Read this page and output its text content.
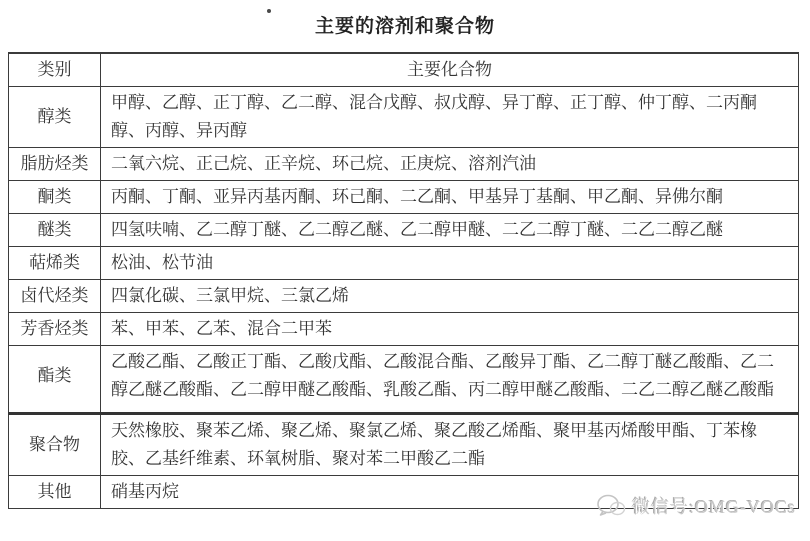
主要的溶剂和聚合物
类别	主要化合物
醇类	甲醇、乙醇、正丁醇、乙二醇、混合戊醇、叔戊醇、异丁醇、正丁醇、仲丁醇、二丙酮醇、丙醇、异丙醇
脂肪烃类	二氧六烷、正己烷、正辛烷、环己烷、正庚烷、溶剂汽油
酮类	丙酮、丁酮、亚异丙基丙酮、环己酮、二乙酮、甲基异丁基酮、甲乙酮、异佛尔酮
醚类	四氢呋喃、乙二醇丁醚、乙二醇乙醚、乙二醇甲醚、二乙二醇丁醚、二乙二醇乙醚
萜烯类	松油、松节油
卤代烃类	四氯化碳、三氯甲烷、三氯乙烯
芳香烃类	苯、甲苯、乙苯、混合二甲苯
酯类	乙酸乙酯、乙酸正丁酯、乙酸戊酯、乙酸混合酯、乙酸异丁酯、乙二醇丁醚乙酸酯、乙二醇乙醚乙酸酯、乙二醇甲醚乙酸酯、乳酸乙酯、丙二醇甲醚乙酸酯、二乙二醇乙醚乙酸酯
聚合物	天然橡胶、聚苯乙烯、聚乙烯、聚氯乙烯、聚乙酸乙烯酯、聚甲基丙烯酸甲酯、丁苯橡胶、乙基纤维素、环氧树脂、聚对苯二甲酸乙二酯
其他	硝基丙烷
微信号:OMG-VOCs
